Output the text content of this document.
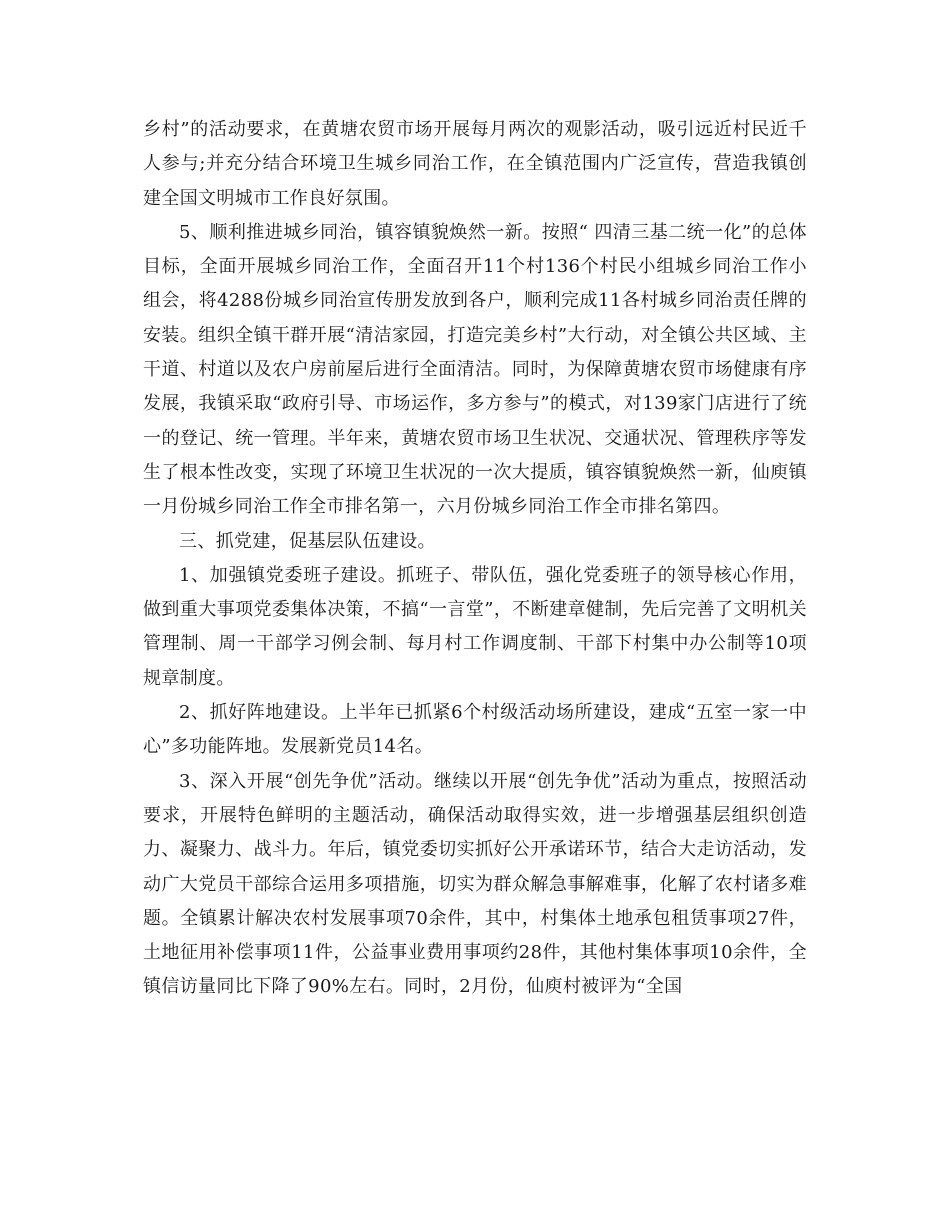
乡村”的活动要求，在黄塘农贸市场开展每月两次的观影活动，吸引远近村民近千人参与;并充分结合环境卫生城乡同治工作，在全镇范围内广泛宣传，营造我镇创建全国文明城市工作良好氛围。

5、顺利推进城乡同治，镇容镇貌焕然一新。按照“ 四清三基二统一化”的总体目标，全面开展城乡同治工作，全面召开11个村136个村民小组城乡同治工作小组会，将4288份城乡同治宣传册发放到各户，顺利完成11各村城乡同治责任牌的安装。组织全镇干群开展“清洁家园，打造完美乡村”大行动，对全镇公共区域、主干道、村道以及农户房前屋后进行全面清洁。同时，为保障黄塘农贸市场健康有序发展，我镇采取“政府引导、市场运作，多方参与”的模式，对139家门店进行了统一的登记、统一管理。半年来，黄塘农贸市场卫生状况、交通状况、管理秩序等发生了根本性改变，实现了环境卫生状况的一次大提质，镇容镇貌焕然一新，仙庾镇一月份城乡同治工作全市排名第一，六月份城乡同治工作全市排名第四。

三、抓党建，促基层队伍建设。

1、加强镇党委班子建设。抓班子、带队伍，强化党委班子的领导核心作用，做到重大事项党委集体决策，不搞“一言堂”，不断建章健制，先后完善了文明机关管理制、周一干部学习例会制、每月村工作调度制、干部下村集中办公制等10项规章制度。

2、抓好阵地建设。上半年已抓紧6个村级活动场所建设，建成“五室一家一中心”多功能阵地。发展新党员14名。

3、深入开展“创先争优”活动。继续以开展“创先争优”活动为重点，按照活动要求，开展特色鲜明的主题活动，确保活动取得实效，进一步增强基层组织创造力、凝聚力、战斗力。年后，镇党委切实抓好公开承诺环节，结合大走访活动，发动广大党员干部综合运用多项措施，切实为群众解急事解难事，化解了农村诸多难题。全镇累计解决农村发展事项70余件，其中，村集体土地承包租赁事项27件，土地征用补偿事项11件，公益事业费用事项约28件，其他村集体事项10余件，全镇信访量同比下降了90%左右。同时，2月份，仙庾村被评为“全国
